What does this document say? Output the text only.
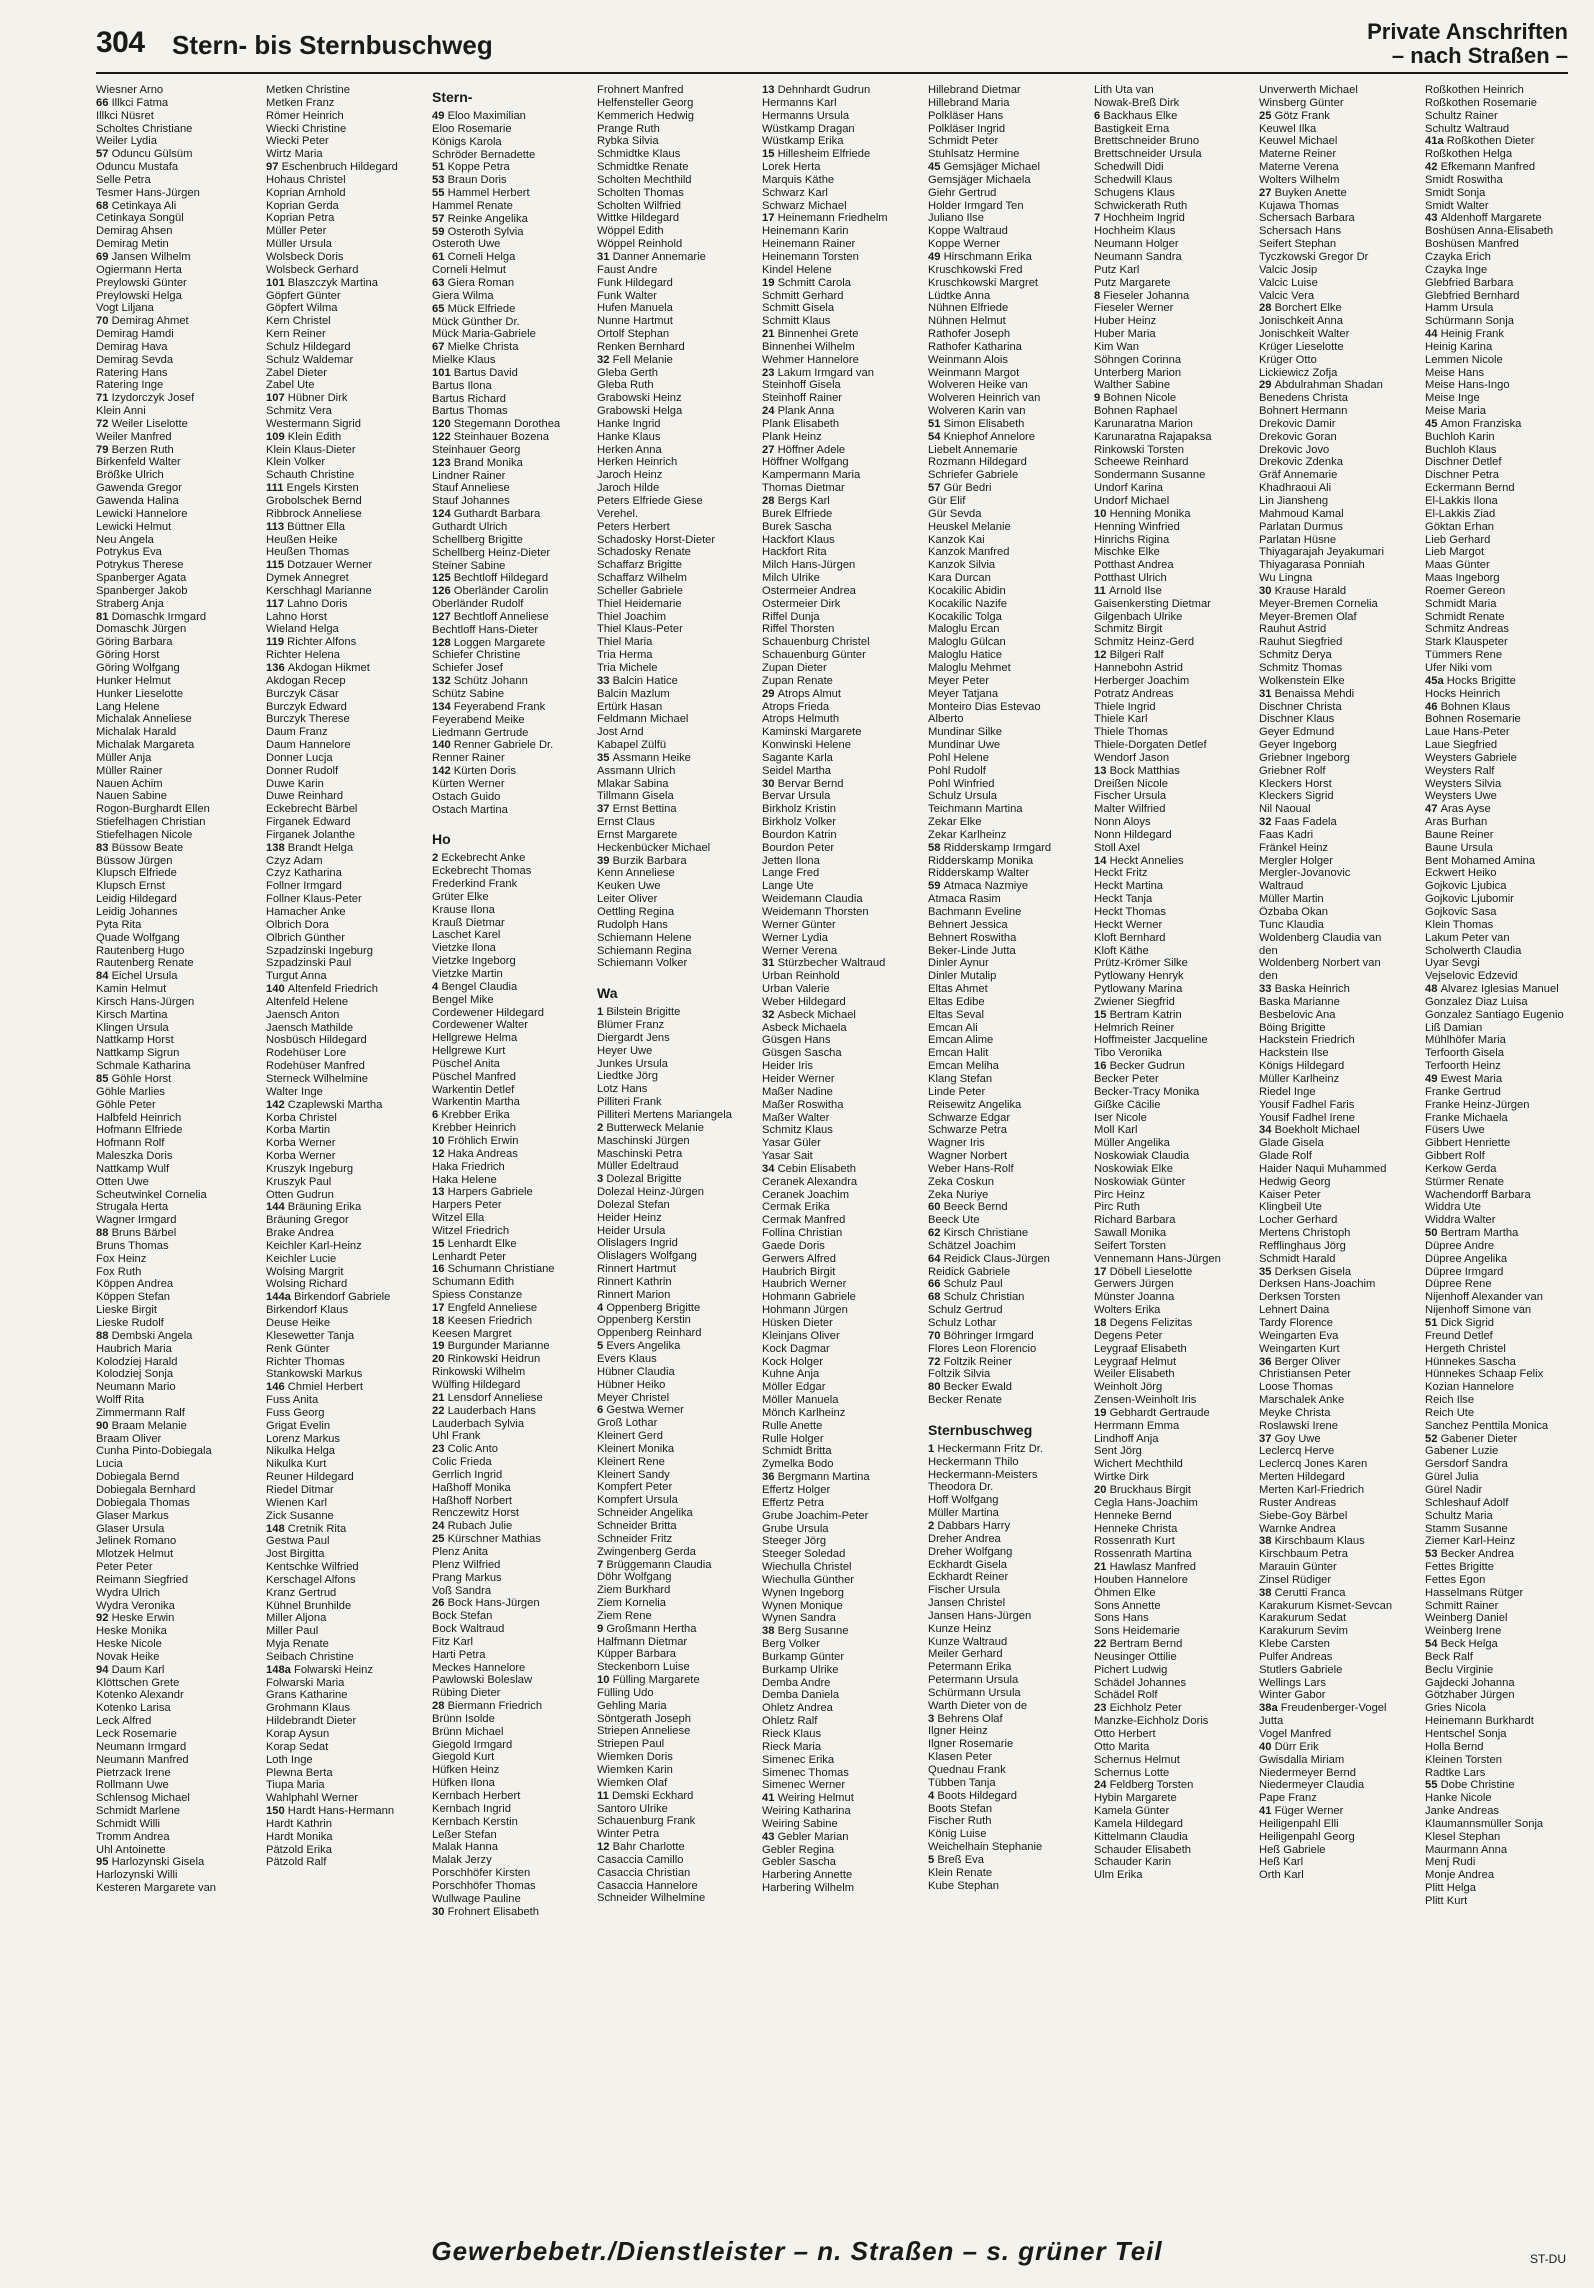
304 Stern- bis Sternbuschweg	Private Anschriften
– nach Straßen –
Wiesner Arno
66 Illkci Fatma
Illkci Nüsret
Scholtes Christiane
Weiler Lydia
57 Oduncu Gülsüm
Oduncu Mustafa
Selle Petra
Tesmer Hans-Jürgen
68 Cetinkaya Ali
Cetinkaya Songül
Demirag Ahsen
Demirag Metin
69 Jansen Wilhelm
Ogiermann Herta
Preylowski Günter
Preylowski Helga
Vogt Liljana
70 Demirag Ahmet
Demirag Hamdi
Demirag Hava
Demirag Sevda
Ratering Hans
Ratering Inge
71 Izydorczyk Josef
Klein Anni
72 Weiler Liselotte
Weiler Manfred
79 Berzen Ruth
Birkenfeld Walter
Brößke Ulrich
Gawenda Gregor
Gawenda Halina
Lewicki Hannelore
Lewicki Helmut
Neu Angela
Potrykus Eva
Potrykus Therese
Spanberger Agata
Spanberger Jakob
Straberg Anja
81 Domaschk Irmgard
Domaschk Jürgen
Göring Barbara
Göring Horst
Göring Wolfgang
Hunker Helmut
Hunker Lieselotte
Lang Helene
Michalak Anneliese
Michalak Harald
Michalak Margareta
Müller Anja
Müller Rainer
Nauen Achim
Nauen Sabine
Rogon-Burghardt Ellen
Stiefelhagen Christian
Stiefelhagen Nicole
83 Büssow Beate
Büssow Jürgen
Klupsch Elfriede
Klupsch Ernst
Leidig Hildegard
Leidig Johannes
Pyta Rita
Quade Wolfgang
Rautenberg Hugo
Rautenberg Renate
84 Eichel Ursula
Kamin Helmut
Kirsch Hans-Jürgen
Kirsch Martina
Klingen Ursula
Nattkamp Horst
Nattkamp Sigrun
Schmale Katharina
85 Göhle Horst
Göhle Marlies
Göhle Peter
Halbfeld Heinrich
Hofmann Elfriede
Hofmann Rolf
Maleszka Doris
Nattkamp Wulf
Otten Uwe
Scheutwinkel Cornelia
Strugala Herta
Wagner Irmgard
88 Bruns Bärbel
Bruns Thomas
Fox Heinz
Fox Ruth
Köppen Andrea
Köppen Stefan
Lieske Birgit
Lieske Rudolf
88 Dembski Angela
Haubrich Maria
Kolodziej Harald
Kolodziej Sonja
Neumann Mario
Wolff Rita
Zimmermann Ralf
90 Braam Melanie
Braam Oliver
Cunha Pinto-Dobiegala
Lucia
Dobiegala Bernd
Dobiegala Bernhard
Dobiegala Thomas
Glaser Markus
Glaser Ursula
Jelinek Romano
Mlotzek Helmut
Peter Peter
Reimann Siegfried
Wydra Ulrich
Wydra Veronika
92 Heske Erwin
Heske Monika
Heske Nicole
Novak Heike
94 Daum Karl
Klöttschen Grete
Kotenko Alexandr
Kotenko Larisa
Leck Alfred
Leck Rosemarie
Neumann Irmgard
Neumann Manfred
Pietrzack Irene
Rollmann Uwe
Schlensog Michael
Schmidt Marlene
Schmidt Willi
Tromm Andrea
Uhl Antoinette
95 Harlozynski Gisela
Harlozynski Willi
Kesteren Margarete van
Metken Christine
Metken Franz
Römer Heinrich
Wiecki Christine
Wiecki Peter
Wirtz Maria
97 Eschenbruch Hildegard
Hohaus Christel
Koprian Arnhold
Koprian Gerda
Koprian Petra
Müller Peter
Müller Ursula
Wolsbeck Doris
Wolsbeck Gerhard
101 Blaszczyk Martina
Göpfert Günter
Göpfert Wilma
Kern Christel
Kern Reiner
Schulz Hildegard
Schulz Waldemar
Zabel Dieter
Zabel Ute
107 Hübner Dirk
Schmitz Vera
Westermann Sigrid
109 Klein Edith
Klein Klaus-Dieter
Klein Volker
Schauth Christine
111 Engels Kirsten
Grobolschek Bernd
Ribbrock Anneliese
113 Büttner Ella
Heußen Heike
Heußen Thomas
115 Dotzauer Werner
Dymek Annegret
Kerschhagl Marianne
117 Lahno Doris
Lahno Horst
Wieland Helga
119 Richter Alfons
Richter Helena
136 Akdogan Hikmet
Akdogan Recep
Burczyk Cäsar
Burczyk Edward
Burczyk Therese
Daum Franz
Daum Hannelore
Donner Lucja
Donner Rudolf
Duwe Karin
Duwe Reinhard
Eckebrecht Bärbel
Firganek Edward
Firganek Jolanthe
138 Brandt Helga
Czyz Adam
Czyz Katharina
Follner Irmgard
Follner Klaus-Peter
Hamacher Anke
Olbrich Dora
Olbrich Günther
Szpadzinski Ingeburg
Szpadzinski Paul
Turgut Anna
140 Altenfeld Friedrich
Altenfeld Helene
Jaensch Anton
Jaensch Mathilde
Nosbüsch Hildegard
Rodehüser Lore
Rodehüser Manfred
Sterneck Wilhelmine
Walter Inge
142 Czaplewski Martha
Korba Christel
Korba Martin
Korba Werner
Korba Werner
Kruszyk Ingeburg
Kruszyk Paul
Otten Gudrun
144 Bräuning Erika
Bräuning Gregor
Brake Andrea
Keichler Karl-Heinz
Keichler Lucie
Wolsing Margrit
Wolsing Richard
144a Birkendorf Gabriele
Birkendorf Klaus
Deuse Heike
Klesewetter Tanja
Renk Günter
Richter Thomas
Stankowski Markus
146 Chmiel Herbert
Fuss Anita
Fuss Georg
Grigat Evelin
Lorenz Markus
Nikulka Helga
Nikulka Kurt
Reuner Hildegard
Riedel Ditmar
Wienen Karl
Zick Susanne
148 Cretnik Rita
Gestwa Paul
Jost Birgitta
Kentschke Wilfried
Kerschagel Alfons
Kranz Gertrud
Kühnel Brunhilde
Miller Aljona
Miller Paul
Myja Renate
Seibach Christine
148a Folwarski Heinz
Folwarski Maria
Grans Katharine
Grohmann Klaus
Hildebrandt Dieter
Korap Aysun
Korap Sedat
Loth Inge
Plewna Berta
Tiupa Maria
Wahlphahl Werner
150 Hardt Hans-Hermann
Hardt Kathrin
Hardt Monika
Pätzold Erika
Pätzold Ralf
Stern-
49 Eloo Maximilian
Eloo Rosemarie
Königs Karola
Schröder Bernadette
51 Koppe Petra
53 Braun Doris
55 Hammel Herbert
Hammel Renate
57 Reinke Angelika
59 Osteroth Sylvia
Osteroth Uwe
61 Corneli Helga
Corneli Helmut
63 Giera Roman
Giera Wilma
65 Mück Elfriede
Mück Günther Dr.
Mück Maria-Gabriele
67 Mielke Christa
Mielke Klaus
101 Bartus David
Bartus Ilona
Bartus Richard
Bartus Thomas
120 Stegemann Dorothea
122 Steinhauer Bozena
Steinhauer Georg
123 Brand Monika
Lindner Rainer
Stauf Anneliese
Stauf Johannes
124 Guthardt Barbara
Guthardt Ulrich
Schellberg Brigitte
Schellberg Heinz-Dieter
Steiner Sabine
125 Bechtloff Hildegard
126 Oberländer Carolin
Oberländer Rudolf
127 Bechtloff Anneliese
Bechtloff Hans-Dieter
128 Loggen Margarete
Schiefer Christine
Schiefer Josef
132 Schütz Johann
Schütz Sabine
134 Feyerabend Frank
Feyerabend Meike
Liedmann Gertrude
140 Renner Gabriele Dr.
Renner Rainer
142 Kürten Doris
Kürten Werner
Ostach Guido
Ostach Martina
Ho
2 Eckebrecht Anke
Eckebrecht Thomas
Frederkind Frank
Grüter Elke
Krause Ilona
Krauß Dietmar
Laschet Karel
Vietzke Ilona
Vietzke Ingeborg
Vietzke Martin
4 Bengel Claudia
Bengel Mike
Cordewener Hildegard
Cordewener Walter
Hellgrewe Helma
Hellgrewe Kurt
Püschel Anita
Püschel Manfred
Warkentin Detlef
Warkentin Martha
6 Krebber Erika
Krebber Heinrich
10 Fröhlich Erwin
12 Haka Andreas
Haka Friedrich
Haka Helene
13 Harpers Gabriele
Harpers Peter
Witzel Ella
Witzel Friedrich
15 Lenhardt Elke
Lenhardt Peter
16 Schumann Christiane
Schumann Edith
Spiess Constanze
17 Engfeld Anneliese
18 Keesen Friedrich
Keesen Margret
19 Burgunder Marianne
20 Rinkowski Heidrun
Rinkowski Wilhelm
Wülfing Hildegard
21 Lensdorf Anneliese
22 Lauderbach Hans
Lauderbach Sylvia
Uhl Frank
23 Colic Anto
Colic Frieda
Gerrlich Ingrid
Haßhoff Monika
Haßhoff Norbert
Renczewitz Horst
24 Rubach Julie
25 Kürschner Mathias
Plenz Anita
Plenz Wilfried
Prang Markus
Voß Sandra
26 Bock Hans-Jürgen
Bock Stefan
Bock Waltraud
Fitz Karl
Harti Petra
Meckes Hannelore
Pawlowski Boleslaw
Rübing Dieter
28 Biermann Friedrich
Brünn Isolde
Brünn Michael
Giegold Irmgard
Giegold Kurt
Hüfken Heinz
Hüfken Ilona
Kernbach Herbert
Kernbach Ingrid
Kernbach Kerstin
Leßer Stefan
Malak Hanna
Malak Jerzy
Porschhöfer Kirsten
Porschhöfer Thomas
Wullwage Pauline
30 Frohnert Elisabeth
Frohnert Manfred
Helfensteller Georg
Kemmerich Hedwig
Prange Ruth
Rybka Silvia
Schmidtke Klaus
Schmidtke Renate
Scholten Mechthild
Scholten Thomas
Scholten Wilfried
Wittke Hildegard
Wöppel Edith
Wöppel Reinhold
31 Danner Annemarie
Faust Andre
Funk Hildegard
Funk Walter
Hufen Manuela
Nunne Hartmut
Ortolf Stephan
Renken Bernhard
32 Fell Melanie
Gleba Gerth
Gleba Ruth
Grabowski Heinz
Grabowski Helga
Hanke Ingrid
Hanke Klaus
Herken Anna
Herken Heinrich
Jaroch Heinz
Jaroch Hilde
Peters Elfriede Giese
Verehel.
Peters Herbert
Schadosky Horst-Dieter
Schadosky Renate
Schaffarz Brigitte
Schaffarz Wilhelm
Scheller Gabriele
Thiel Heidemarie
Thiel Joachim
Thiel Klaus-Peter
Thiel Maria
Tria Herma
Tria Michele
33 Balcin Hatice
Balcin Mazlum
Ertürk Hasan
Feldmann Michael
Jost Arnd
Kabapel Zülfü
35 Assmann Heike
Assmann Ulrich
Mlakar Sabina
Tillmann Gisela
37 Ernst Bettina
Ernst Claus
Ernst Margarete
Heckenbücker Michael
39 Burzik Barbara
Kenn Anneliese
Keuken Uwe
Leiter Oliver
Oettling Regina
Rudolph Hans
Schiemann Helene
Schiemann Regina
Schiemann Volker
Wa
1 Bilstein Brigitte
Blümer Franz
Diergardt Jens
Heyer Uwe
Junkes Ursula
Liedtke Jörg
Lotz Hans
Pilliteri Frank
Pilliteri Mertens Mariangela
2 Butterweck Melanie
Maschinski Jürgen
Maschinski Petra
Müller Edeltraud
3 Dolezal Brigitte
Dolezal Heinz-Jürgen
Dolezal Stefan
Heider Heinz
Heider Ursula
Olislagers Ingrid
Olislagers Wolfgang
Rinnert Hartmut
Rinnert Kathrin
Rinnert Marion
4 Oppenberg Brigitte
Oppenberg Kerstin
Oppenberg Reinhard
5 Evers Angelika
Evers Klaus
Hübner Claudia
Hübner Heiko
Meyer Christel
6 Gestwa Werner
Groß Lothar
Kleinert Gerd
Kleinert Monika
Kleinert Rene
Kleinert Sandy
Kompfert Peter
Kompfert Ursula
Schneider Angelika
Schneider Britta
Schneider Fritz
Zwingenberg Gerda
7 Brüggemann Claudia
Döhr Wolfgang
Ziem Burkhard
Ziem Kornelia
Ziem Rene
9 Großmann Hertha
Halfmann Dietmar
Küpper Barbara
Steckenborn Luise
10 Fülling Margarete
Fülling Udo
Gehling Maria
Söntgerath Joseph
Striepen Anneliese
Striepen Paul
Wiemken Doris
Wiemken Karin
Wiemken Olaf
11 Demski Eckhard
Santoro Ulrike
Schauenburg Frank
Winter Petra
12 Bahr Charlotte
Casaccia Camillo
Casaccia Christian
Casaccia Hannelore
Schneider Wilhelmine
13 Dehnhardt Gudrun
Hermanns Karl
Hermanns Ursula
Wüstkamp Dragan
Wüstkamp Erika
15 Hillesheim Elfriede
Lorek Herta
Marquis Käthe
Schwarz Karl
Schwarz Michael
17 Heinemann Friedhelm
Heinemann Karin
Heinemann Rainer
Heinemann Torsten
Kindel Helene
19 Schmitt Carola
Schmitt Gerhard
Schmitt Gisela
Schmitt Klaus
21 Binnenhei Grete
Binnenhei Wilhelm
Wehmer Hannelore
23 Lakum Irmgard van
Steinhoff Gisela
Steinhoff Rainer
24 Plank Anna
Plank Elisabeth
Plank Heinz
27 Höffner Adele
Höffner Wolfgang
Kampermann Maria
Thomas Dietmar
28 Bergs Karl
Burek Elfriede
Burek Sascha
Hackfort Klaus
Hackfort Rita
Milch Hans-Jürgen
Milch Ulrike
Ostermeier Andrea
Ostermeier Dirk
Riffel Dunja
Riffel Thorsten
Schauenburg Christel
Schauenburg Günter
Zupan Dieter
Zupan Renate
29 Atrops Almut
Atrops Frieda
Atrops Helmuth
Kaminski Margarete
Konwinski Helene
Sagante Karla
Seidel Martha
30 Bervar Bernd
Bervar Ursula
Birkholz Kristin
Birkholz Volker
Bourdon Katrin
Bourdon Peter
Jetten Ilona
Lange Fred
Lange Ute
Weidemann Claudia
Weidemann Thorsten
Werner Günter
Werner Lydia
Werner Verena
31 Stürzbecher Waltraud
Urban Reinhold
Urban Valerie
Weber Hildegard
32 Asbeck Michael
Asbeck Michaela
Güsgen Hans
Güsgen Sascha
Heider Iris
Heider Werner
Maßer Nadine
Maßer Roswitha
Maßer Walter
Schmitz Klaus
Yasar Güler
Yasar Sait
34 Cebin Elisabeth
Ceranek Alexandra
Ceranek Joachim
Cermak Erika
Cermak Manfred
Follina Christian
Gaede Doris
Gerwers Alfred
Haubrich Birgit
Haubrich Werner
Hohmann Gabriele
Hohmann Jürgen
Hüsken Dieter
Kleinjans Oliver
Kock Dagmar
Kock Holger
Kuhne Anja
Möller Edgar
Möller Manuela
Mönch Karlheinz
Rulle Anette
Rulle Holger
Schmidt Britta
Zymelka Bodo
36 Bergmann Martina
Effertz Holger
Effertz Petra
Grube Joachim-Peter
Grube Ursula
Steeger Jörg
Steeger Soledad
Wiechulla Christel
Wiechulla Günther
Wynen Ingeborg
Wynen Monique
Wynen Sandra
38 Berg Susanne
Berg Volker
Burkamp Günter
Burkamp Ulrike
Demba Andre
Demba Daniela
Ohletz Andrea
Ohletz Ralf
Rieck Klaus
Rieck Maria
Simenec Erika
Simenec Thomas
Simenec Werner
41 Weiring Helmut
Weiring Katharina
Weiring Sabine
43 Gebler Marian
Gebler Regina
Gebler Sascha
Harbering Annette
Harbering Wilhelm
Hillebrand Dietmar
Hillebrand Maria
Polkläser Hans
Polkläser Ingrid
Schmidt Peter
Stuhlsatz Hermine
45 Gemsjäger Michael
Gemsjäger Michaela
Giehr Gertrud
Holder Irmgard Ten
Juliano Ilse
Koppe Waltraud
Koppe Werner
49 Hirschmann Erika
Kruschkowski Fred
Kruschkowski Margret
Lüdtke Anna
Nühnen Elfriede
Nühnen Helmut
Rathofer Joseph
Rathofer Katharina
Weinmann Alois
Weinmann Margot
Wolveren Heike van
Wolveren Heinrich van
Wolveren Karin van
51 Simon Elisabeth
54 Kniephof Annelore
Liebelt Annemarie
Rozmann Hildegard
Schriefer Gabriele
57 Gür Bedri
Gür Elif
Gür Sevda
Heuskel Melanie
Kanzok Kai
Kanzok Manfred
Kanzok Silvia
Kara Durcan
Kocakilic Abidin
Kocakilic Nazife
Kocakilic Tolga
Maloglu Ercan
Maloglu Gülcan
Maloglu Hatice
Maloglu Mehmet
Meyer Peter
Meyer Tatjana
Monteiro Dias Estevao
Alberto
Mundinar Silke
Mundinar Uwe
Pohl Helene
Pohl Rudolf
Pohl Winfried
Schulz Ursula
Teichmann Martina
Zekar Elke
Zekar Karlheinz
58 Ridderskamp Irmgard
Ridderskamp Monika
Ridderskamp Walter
59 Atmaca Nazmiye
Atmaca Rasim
Bachmann Eveline
Behnert Jessica
Behnert Roswitha
Beker-Linde Jutta
Dinler Aynur
Dinler Mutalip
Eltas Ahmet
Eltas Edibe
Eltas Seval
Emcan Ali
Emcan Alime
Emcan Halit
Emcan Meliha
Klang Stefan
Linde Peter
Reisewitz Angelika
Schwarze Edgar
Schwarze Petra
Wagner Iris
Wagner Norbert
Weber Hans-Rolf
Zeka Coskun
Zeka Nuriye
60 Beeck Bernd
Beeck Ute
62 Kirsch Christiane
Schätzel Joachim
64 Reidick Claus-Jürgen
Reidick Gabriele
66 Schulz Paul
68 Schulz Christian
Schulz Gertrud
Schulz Lothar
70 Böhringer Irmgard
Flores Leon Florencio
72 Foltzik Reiner
Foltzik Silvia
80 Becker Ewald
Becker Renate
Sternbuschweg
1 Heckermann Fritz Dr.
Heckermann Thilo
Heckermann-Meisters
Theodora Dr.
Hoff Wolfgang
Müller Martina
2 Dabbars Harry
Dreher Andrea
Dreher Wolfgang
Eckhardt Gisela
Eckhardt Reiner
Fischer Ursula
Jansen Christel
Jansen Hans-Jürgen
Kunze Heinz
Kunze Waltraud
Meiler Gerhard
Petermann Erika
Petermann Ursula
Schürmann Ursula
Warth Dieter von de
3 Behrens Olaf
Ilgner Heinz
Ilgner Rosemarie
Klasen Peter
Quednau Frank
Tübben Tanja
4 Boots Hildegard
Boots Stefan
Fischer Ruth
König Luise
Weichelhain Stephanie
5 Breß Eva
Klein Renate
Kube Stephan
Lith Uta van
Nowak-Breß Dirk
6 Backhaus Elke
Bastigkeit Erna
Brettschneider Bruno
Brettschneider Ursula
Schedwill Didi
Schedwill Klaus
Schugens Klaus
Schwickerath Ruth
7 Hochheim Ingrid
Hochheim Klaus
Neumann Holger
Neumann Sandra
Putz Karl
Putz Margarete
8 Fieseler Johanna
Fieseler Werner
Huber Heinz
Huber Maria
Kim Wan
Söhngen Corinna
Unterberg Marion
Walther Sabine
9 Bohnen Nicole
Bohnen Raphael
Karunaratna Marion
Karunaratna Rajapaksa
Rinkowski Torsten
Scheewe Reinhard
Sondermann Susanne
Undorf Karina
Undorf Michael
10 Henning Monika
Henning Winfried
Hinrichs Rigina
Mischke Elke
Potthast Andrea
Potthast Ulrich
11 Arnold Ilse
Gaisenkersting Dietmar
Gilgenbach Ulrike
Schmitz Birgit
Schmitz Heinz-Gerd
12 Bilgeri Ralf
Hannebohn Astrid
Herberger Joachim
Potratz Andreas
Thiele Ingrid
Thiele Karl
Thiele Thomas
Thiele-Dorgaten Detlef
Wendorf Jason
13 Bock Matthias
Dreißen Nicole
Fischer Ursula
Malter Wilfried
Nonn Aloys
Nonn Hildegard
Stoll Axel
14 Heckt Annelies
Heckt Fritz
Heckt Martina
Heckt Tanja
Heckt Thomas
Heckt Werner
Kloft Bernhard
Kloft Käthe
Prütz-Krömer Silke
Pytlowany Henryk
Pytlowany Marina
Zwiener Siegfrid
15 Bertram Katrin
Helmrich Reiner
Hoffmeister Jacqueline
Tibo Veronika
16 Becker Gudrun
Becker Peter
Becker-Tracy Monika
Gißke Cäcilie
Iser Nicole
Moll Karl
Müller Angelika
Noskowiak Claudia
Noskowiak Elke
Noskowiak Günter
Pirc Heinz
Pirc Ruth
Richard Barbara
Sawall Monika
Seifert Torsten
Vennemann Hans-Jürgen
17 Döbell Lieselotte
Gerwers Jürgen
Münster Joanna
Wolters Erika
18 Degens Felizitas
Degens Peter
Leygraaf Elisabeth
Leygraaf Helmut
Weiler Elisabeth
Weinholt Jörg
Zensen-Weinholt Iris
19 Gebhardt Gertraude
Herrmann Emma
Lindhoff Anja
Sent Jörg
Wichert Mechthild
Wirtke Dirk
20 Bruckhaus Birgit
Cegla Hans-Joachim
Henneke Bernd
Henneke Christa
Rossenrath Kurt
Rossenrath Martina
21 Hawlasz Manfred
Houben Hannelore
Öhmen Elke
Sons Annette
Sons Hans
Sons Heidemarie
22 Bertram Bernd
Neusinger Ottilie
Pichert Ludwig
Schädel Johannes
Schädel Rolf
23 Eichholz Peter
Manzke-Eichholz Doris
Otto Herbert
Otto Marita
Schernus Helmut
Schernus Lotte
24 Feldberg Torsten
Hybin Margarete
Kamela Günter
Kamela Hildegard
Kittelmann Claudia
Schauder Elisabeth
Schauder Karin
Ulm Erika
Unverwerth Michael
Winsberg Günter
25 Götz Frank
Keuwel Ilka
Keuwel Michael
Materne Reiner
Materne Verena
Wolters Wilhelm
27 Buyken Anette
Kujawa Thomas
Schersach Barbara
Schersach Hans
Seifert Stephan
Tyczkowski Gregor Dr
Valcic Josip
Valcic Luise
Valcic Vera
28 Borchert Elke
Jonischkeit Anna
Jonischkeit Walter
Krüger Lieselotte
Krüger Otto
Lickiewicz Zofja
29 Abdulrahman Shadan
Benedens Christa
Bohnert Hermann
Drekovic Damir
Drekovic Goran
Drekovic Jovo
Drekovic Zdenka
Gräf Annemarie
Khadhraoui Ali
Lin Jiansheng
Mahmoud Kamal
Parlatan Durmus
Parlatan Hüsne
Thiyagarajah Jeyakumari
Thiyagarasa Ponniah
Wu Lingna
30 Krause Harald
Meyer-Bremen Cornelia
Meyer-Bremen Olaf
Rauhut Astrid
Rauhut Siegfried
Schmitz Derya
Schmitz Thomas
Wolkenstein Elke
31 Benaissa Mehdi
Dischner Christa
Dischner Klaus
Geyer Edmund
Geyer Ingeborg
Griebner Ingeborg
Griebner Rolf
Kleckers Horst
Kleckers Sigrid
Nil Naoual
32 Faas Fadela
Faas Kadri
Fränkel Heinz
Mergler Holger
Mergler-Jovanovic
Waltraud
Müller Martin
Özbaba Okan
Tunc Klaudia
Woldenberg Claudia van
den
Woldenberg Norbert van
den
33 Baska Heinrich
Baska Marianne
Besbelovic Ana
Böing Brigitte
Hackstein Friedrich
Hackstein Ilse
Königs Hildegard
Müller Karlheinz
Riedel Inge
Yousif Fadhel Faris
Yousif Fadhel Irene
34 Boekholt Michael
Glade Gisela
Glade Rolf
Haider Naqui Muhammed
Hedwig Georg
Kaiser Peter
Klingbeil Ute
Locher Gerhard
Mertens Christoph
Refflinghaus Jörg
Schmidt Harald
35 Derksen Gisela
Derksen Hans-Joachim
Derksen Torsten
Lehnert Daina
Tardy Florence
Weingarten Eva
Weingarten Kurt
36 Berger Oliver
Christiansen Peter
Loose Thomas
Marschalek Anke
Meyke Christa
Roslawski Irene
37 Goy Uwe
Leclercq Herve
Leclercq Jones Karen
Merten Hildegard
Merten Karl-Friedrich
Ruster Andreas
Siebe-Goy Bärbel
Warnke Andrea
38 Kirschbaum Klaus
Kirschbaum Petra
Marauin Günter
Zinsel Rüdiger
38 Cerutti Franca
Karakurum Kismet-Sevcan
Karakurum Sedat
Karakurum Sevim
Klebe Carsten
Pulfer Andreas
Stutlers Gabriele
Wellings Lars
Winter Gabor
38a Freudenberger-Vogel
Jutta
Vogel Manfred
40 Dürr Erik
Gwisdalla Miriam
Niedermeyer Bernd
Niedermeyer Claudia
Pape Franz
41 Füger Werner
Heiligenpahl Elli
Heiligenpahl Georg
Heß Gabriele
Heß Karl
Orth Karl
Roßkothen Heinrich
Roßkothen Rosemarie
Schultz Rainer
Schultz Waltraud
41a Roßkothen Dieter
Roßkothen Helga
42 Efkemann Manfred
Smidt Roswitha
Smidt Sonja
Smidt Walter
43 Aldenhoff Margarete
Boshüsen Anna-Elisabeth
Boshüsen Manfred
Czayka Erich
Czayka Inge
Glebfried Barbara
Glebfried Bernhard
Hamm Ursula
Schürmann Sonja
44 Heinig Frank
Heinig Karina
Lemmen Nicole
Meise Hans
Meise Hans-Ingo
Meise Inge
Meise Maria
45 Amon Franziska
Buchloh Karin
Buchloh Klaus
Dischner Detlef
Dischner Petra
Eckermann Bernd
El-Lakkis Ilona
El-Lakkis Ziad
Göktan Erhan
Lieb Gerhard
Lieb Margot
Maas Günter
Maas Ingeborg
Roemer Gereon
Schmidt Maria
Schmidt Renate
Schmitz Andreas
Stark Klauspeter
Tümmers Rene
Ufer Niki vom
45a Hocks Brigitte
Hocks Heinrich
46 Bohnen Klaus
Bohnen Rosemarie
Laue Hans-Peter
Laue Siegfried
Weysters Gabriele
Weysters Ralf
Weysters Silvia
Weysters Uwe
47 Aras Ayse
Aras Burhan
Baune Reiner
Baune Ursula
Bent Mohamed Amina
Eckwert Heiko
Gojkovic Ljubica
Gojkovic Ljubomir
Gojkovic Sasa
Klein Thomas
Lakum Peter van
Scholwerth Claudia
Uyar Sevgi
Vejselovic Edzevid
48 Alvarez Iglesias Manuel
Gonzalez Diaz Luisa
Gonzalez Santiago Eugenio
Liß Damian
Mühlhöfer Maria
Terfoorth Gisela
Terfoorth Heinz
49 Ewest Maria
Franke Gertrud
Franke Heinz-Jürgen
Franke Michaela
Füsers Uwe
Gibbert Henriette
Gibbert Rolf
Kerkow Gerda
Stürmer Renate
Wachendorff Barbara
Widdra Ute
Widdra Walter
50 Bertram Martha
Düpree Andre
Düpree Angelika
Düpree Irmgard
Düpree Rene
Nijenhoff Alexander van
Nijenhoff Simone van
51 Dick Sigrid
Freund Detlef
Hergeth Christel
Hünnekes Sascha
Hünnekes Schaap Felix
Kozian Hannelore
Reich Ilse
Reich Ute
Sanchez Penttila Monica
52 Gabener Dieter
Gabener Luzie
Gersdorf Sandra
Gürel Julia
Gürel Nadir
Schleshauf Adolf
Schultz Maria
Stamm Susanne
Ziemer Karl-Heinz
53 Becker Andrea
Fettes Brigitte
Fettes Egon
Hasselmans Rütger
Schmitt Rainer
Weinberg Daniel
Weinberg Irene
54 Beck Helga
Beck Ralf
Beclu Virginie
Gajdecki Johanna
Götzhaber Jürgen
Gries Nicola
Heinemann Burkhardt
Hentschel Sonja
Holla Bernd
Kleinen Torsten
Radtke Lars
55 Dobe Christine
Hanke Nicole
Janke Andreas
Klaumannsmüller Sonja
Klesel Stephan
Maurmann Anna
Menj Rudi
Monje Andrea
Plitt Helga
Plitt Kurt
Gewerbebetr./Dienstleister – n. Straßen – s. grüner Teil	ST-DU
